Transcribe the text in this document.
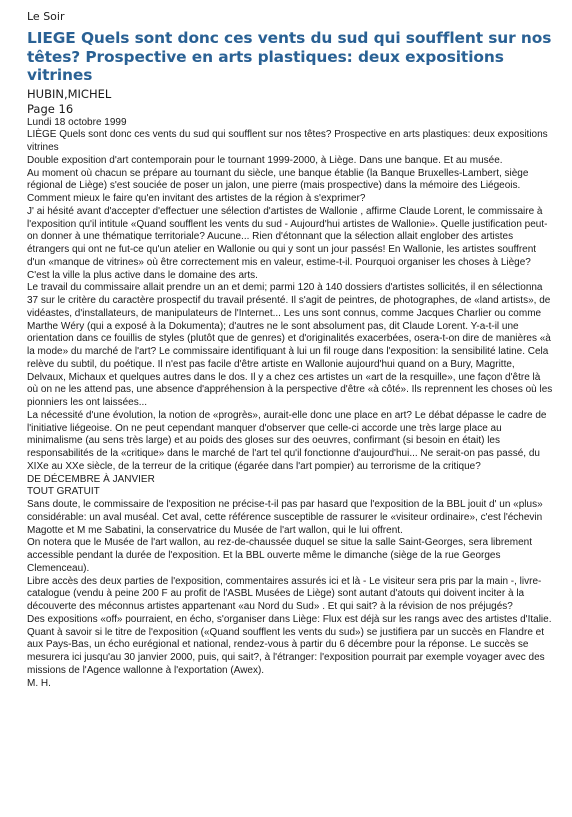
Le Soir
LIEGE Quels sont donc ces vents du sud qui soufflent sur nos têtes? Prospective en arts plastiques: deux expositions vitrines
HUBIN,MICHEL
Page 16

Lundi 18 octobre 1999

LIÈGE Quels sont donc ces vents du sud qui soufflent sur nos têtes? Prospective en arts plastiques: deux expositions vitrines

Double exposition d'art contemporain pour le tournant 1999-2000, à Liège. Dans une banque. Et au musée.

Au moment où chacun se prépare au tournant du siècle, une banque établie (la Banque Bruxelles-Lambert, siège régional de Liège) s'est souciée de poser un jalon, une pierre (mais prospective) dans la mémoire des Liégeois. Comment mieux le faire qu'en invitant des artistes de la région à s'exprimer?

J' ai hésité avant d'accepter d'effectuer une sélection d'artistes de Wallonie , affirme Claude Lorent, le commissaire à l'exposition qu'il intitule «Quand soufflent les vents du sud - Aujourd'hui artistes de Wallonie». Quelle justification peut-on donner à une thématique territoriale? Aucune... Rien d'étonnant que la sélection allait englober des artistes étrangers qui ont ne fut-ce qu'un atelier en Wallonie ou qui y sont un jour passés! En Wallonie, les artistes souffrent d'un «manque de vitrines» où être correctement mis en valeur, estime-t-il. Pourquoi organiser les choses à Liège? C'est la ville la plus active dans le domaine des arts.

Le travail du commissaire allait prendre un an et demi; parmi 120 à 140 dossiers d'artistes sollicités, il en sélectionna 37 sur le critère du caractère prospectif du travail présenté. Il s'agit de peintres, de photographes, de «land artists», de vidéastes, d'installateurs, de manipulateurs de l'Internet... Les uns sont connus, comme Jacques Charlier ou comme Marthe Wéry (qui a exposé à la Dokumenta); d'autres ne le sont absolument pas, dit Claude Lorent. Y-a-t-il une orientation dans ce fouillis de styles (plutôt que de genres) et d'originalités exacerbées, osera-t-on dire de manières «à la mode» du marché de l'art? Le commissaire identifiquant à lui un fil rouge dans l'exposition: la sensibilité latine. Cela relève du subtil, du poétique. Il n'est pas facile d'être artiste en Wallonie aujourd'hui quand on a Bury, Magritte, Delvaux, Michaux et quelques autres dans le dos. Il y a chez ces artistes un «art de la resquille», une façon d'être là où on ne les attend pas, une absence d'appréhension à la perspective d'être «à côté». Ils reprennent les choses où les pionniers les ont laissées...

La nécessité d'une évolution, la notion de «progrès», aurait-elle donc une place en art? Le débat dépasse le cadre de l'initiative liégeoise. On ne peut cependant manquer d'observer que celle-ci accorde une très large place au minimalisme (au sens très large) et au poids des gloses sur des oeuvres, confirmant (si besoin en était) les responsabilités de la «critique» dans le marché de l'art tel qu'il fonctionne d'aujourd'hui... Ne serait-on pas passé, du XIXe au XXe siècle, de la terreur de la critique (égarée dans l'art pompier) au terrorisme de la critique?

DE DÉCEMBRE À JANVIER

TOUT GRATUIT

Sans doute, le commissaire de l'exposition ne précise-t-il pas par hasard que l'exposition de la BBL jouit d' un «plus» considérable: un aval muséal. Cet aval, cette référence susceptible de rassurer le «visiteur ordinaire», c'est l'échevin Magotte et M me Sabatini, la conservatrice du Musée de l'art wallon, qui le lui offrent.

On notera que le Musée de l'art wallon, au rez-de-chaussée duquel se situe la salle Saint-Georges, sera librement accessible pendant la durée de l'exposition. Et la BBL ouverte même le dimanche (siège de la rue Georges Clemenceau).

Libre accès des deux parties de l'exposition, commentaires assurés ici et là - Le visiteur sera pris par la main -, livre-catalogue (vendu à peine 200 F au profit de l'ASBL Musées de Liège) sont autant d'atouts qui doivent inciter à la découverte des méconnus artistes appartenant «au Nord du Sud» . Et qui sait? à la révision de nos préjugés?

Des expositions «off» pourraient, en écho, s'organiser dans Liège: Flux est déjà sur les rangs avec des artistes d'Italie. Quant à savoir si le titre de l'exposition («Quand soufflent les vents du sud») se justifiera par un succès en Flandre et aux Pays-Bas, un écho eurégional et national, rendez-vous à partir du 6 décembre pour la réponse. Le succès se mesurera ici jusqu'au 30 janvier 2000, puis, qui sait?, à l'étranger: l'exposition pourrait par exemple voyager avec des missions de l'Agence wallonne à l'exportation (Awex).

M. H.
